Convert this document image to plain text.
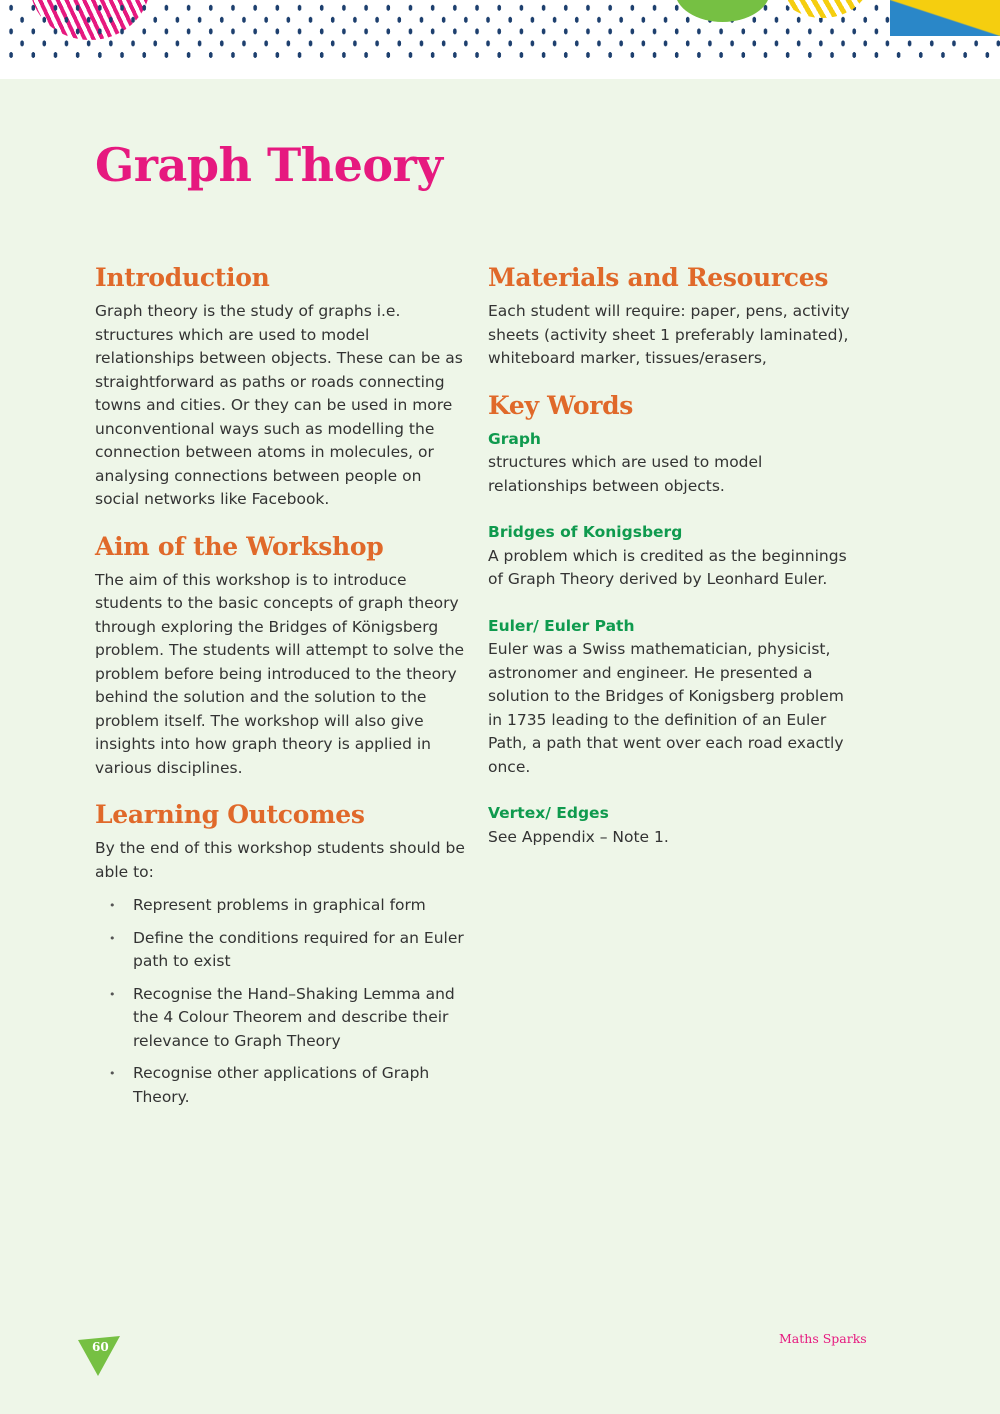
Graph Theory
Introduction

Graph theory is the study of graphs i.e. structures which are used to model relationships between objects. These can be as straightforward as paths or roads connecting towns and cities. Or they can be used in more unconventional ways such as modelling the connection between atoms in molecules, or analysing connections between people on social networks like Facebook.

Aim of the Workshop

The aim of this workshop is to introduce students to the basic concepts of graph theory through exploring the Bridges of Königsberg problem. The students will attempt to solve the problem before being introduced to the theory behind the solution and the solution to the problem itself. The workshop will also give insights into how graph theory is applied in various disciplines.

Learning Outcomes

By the end of this workshop students should be able to:

• Represent problems in graphical form
• Define the conditions required for an Euler path to exist
• Recognise the Hand–Shaking Lemma and the 4 Colour Theorem and describe their relevance to Graph Theory
• Recognise other applications of Graph Theory.
Materials and Resources

Each student will require: paper, pens, activity sheets (activity sheet 1 preferably laminated), whiteboard marker, tissues/erasers,

Key Words
Graph

structures which are used to model relationships between objects.

Bridges of Konigsberg

A problem which is credited as the beginnings of Graph Theory derived by Leonhard Euler.

Euler/ Euler Path

Euler was a Swiss mathematician, physicist, astronomer and engineer. He presented a solution to the Bridges of Konigsberg problem in 1735 leading to the definition of an Euler Path, a path that went over each road exactly once.

Vertex/ Edges

See Appendix – Note 1.

60
Maths Sparks
